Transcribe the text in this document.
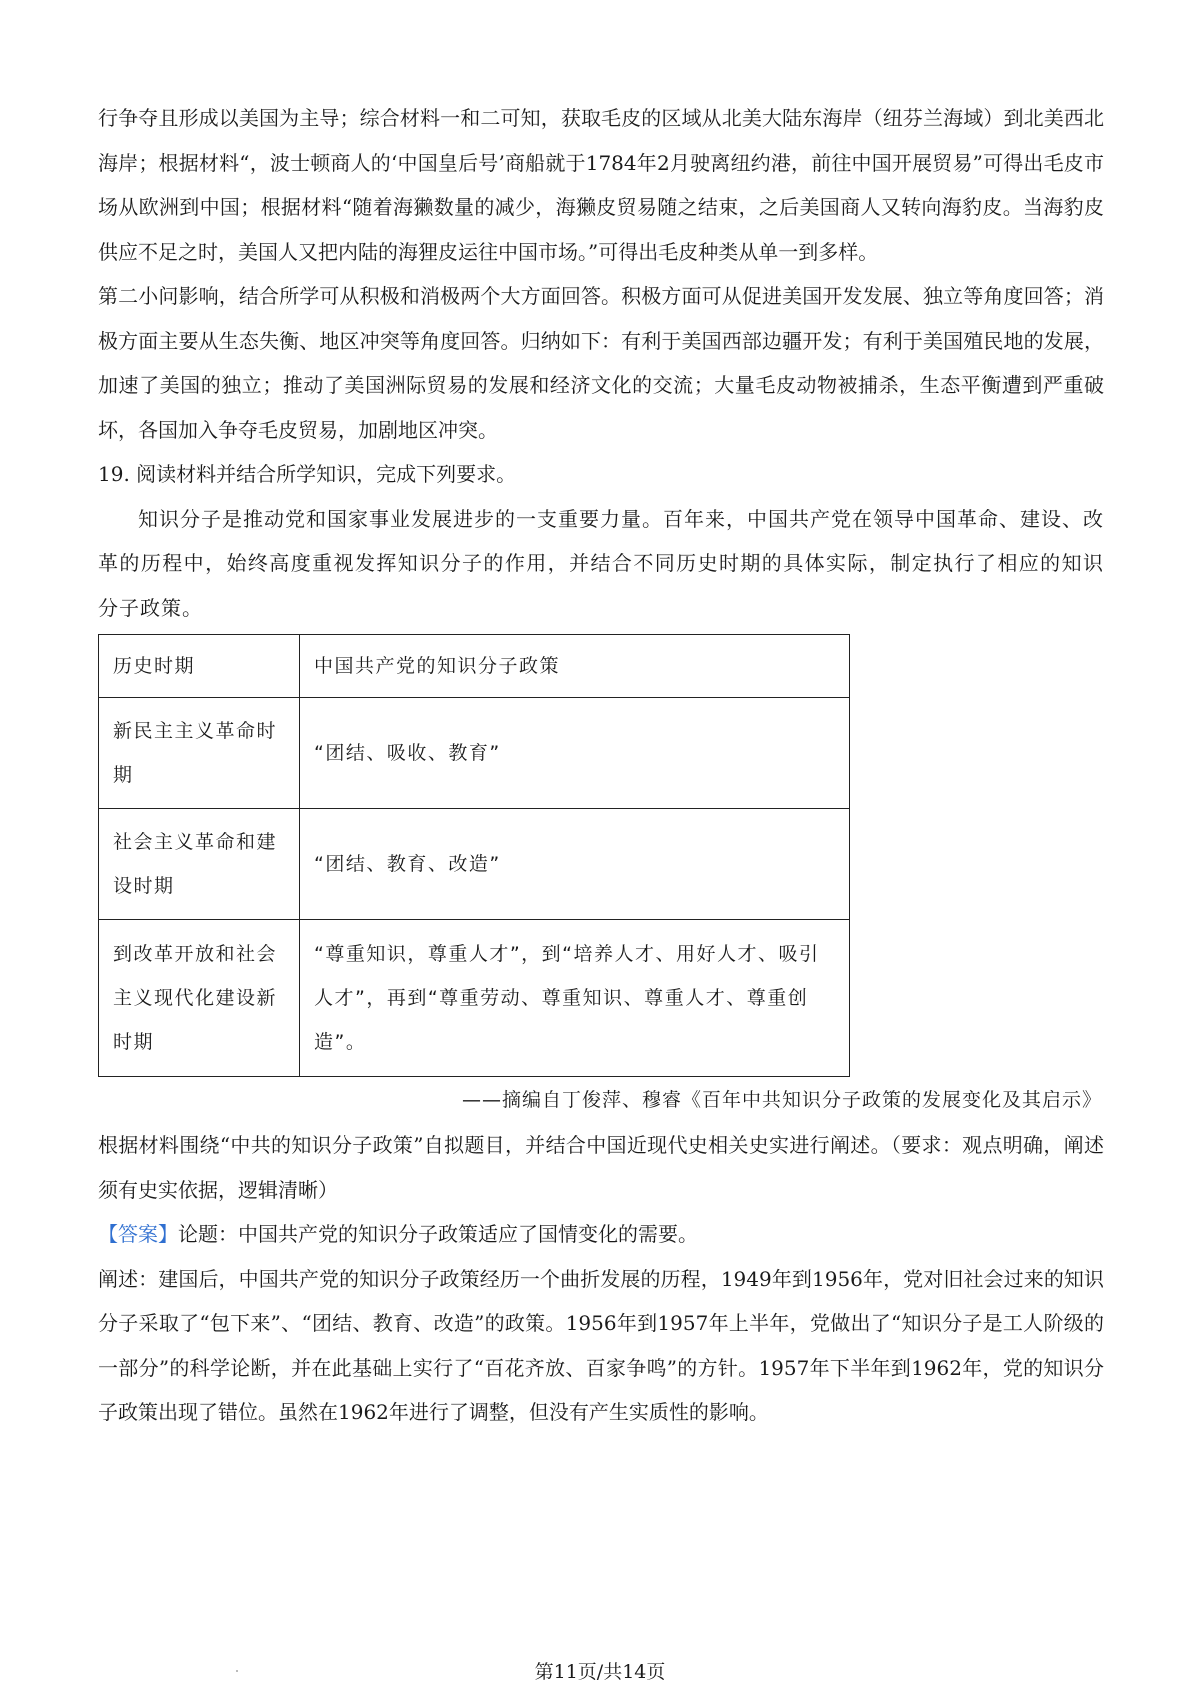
行争夺且形成以美国为主导；综合材料一和二可知，获取毛皮的区域从北美大陆东海岸（纽芬兰海域）到北美西北海岸；根据材料“，波士顿商人的‘中国皇后号’商船就于1784年2月驶离纽约港，前往中国开展贸易”可得出毛皮市场从欧洲到中国；根据材料“随着海獭数量的减少，海獭皮贸易随之结束，之后美国商人又转向海豹皮。当海豹皮供应不足之时，美国人又把内陆的海狸皮运往中国市场。”可得出毛皮种类从单一到多样。

第二小问影响，结合所学可从积极和消极两个大方面回答。积极方面可从促进美国开发发展、独立等角度回答；消极方面主要从生态失衡、地区冲突等角度回答。归纳如下：有利于美国西部边疆开发；有利于美国殖民地的发展，加速了美国的独立；推动了美国洲际贸易的发展和经济文化的交流；大量毛皮动物被捕杀，生态平衡遭到严重破坏，各国加入争夺毛皮贸易，加剧地区冲突。

19. 阅读材料并结合所学知识，完成下列要求。

知识分子是推动党和国家事业发展进步的一支重要力量。百年来，中国共产党在领导中国革命、建设、改革的历程中，始终高度重视发挥知识分子的作用，并结合不同历史时期的具体实际，制定执行了相应的知识分子政策。

历史时期	中国共产党的知识分子政策
新民主主义革命时期	“团结、吸收、教育”
社会主义革命和建设时期	“团结、教育、改造”
到改革开放和社会主义现代化建设新时期	“尊重知识，尊重人才”，到“培养人才、用好人才、吸引人才”，再到“尊重劳动、尊重知识、尊重人才、尊重创造”。

——摘编自丁俊萍、穆睿《百年中共知识分子政策的发展变化及其启示》

根据材料围绕“中共的知识分子政策”自拟题目，并结合中国近现代史相关史实进行阐述。（要求：观点明确，阐述须有史实依据，逻辑清晰）

【答案】论题：中国共产党的知识分子政策适应了国情变化的需要。

阐述：建国后，中国共产党的知识分子政策经历一个曲折发展的历程，1949年到1956年，党对旧社会过来的知识分子采取了“包下来”、“团结、教育、改造”的政策。1956年到1957年上半年，党做出了“知识分子是工人阶级的一部分”的科学论断，并在此基础上实行了“百花齐放、百家争鸣”的方针。1957年下半年到1962年，党的知识分子政策出现了错位。虽然在1962年进行了调整，但没有产生实质性的影响。

第11页/共14页
